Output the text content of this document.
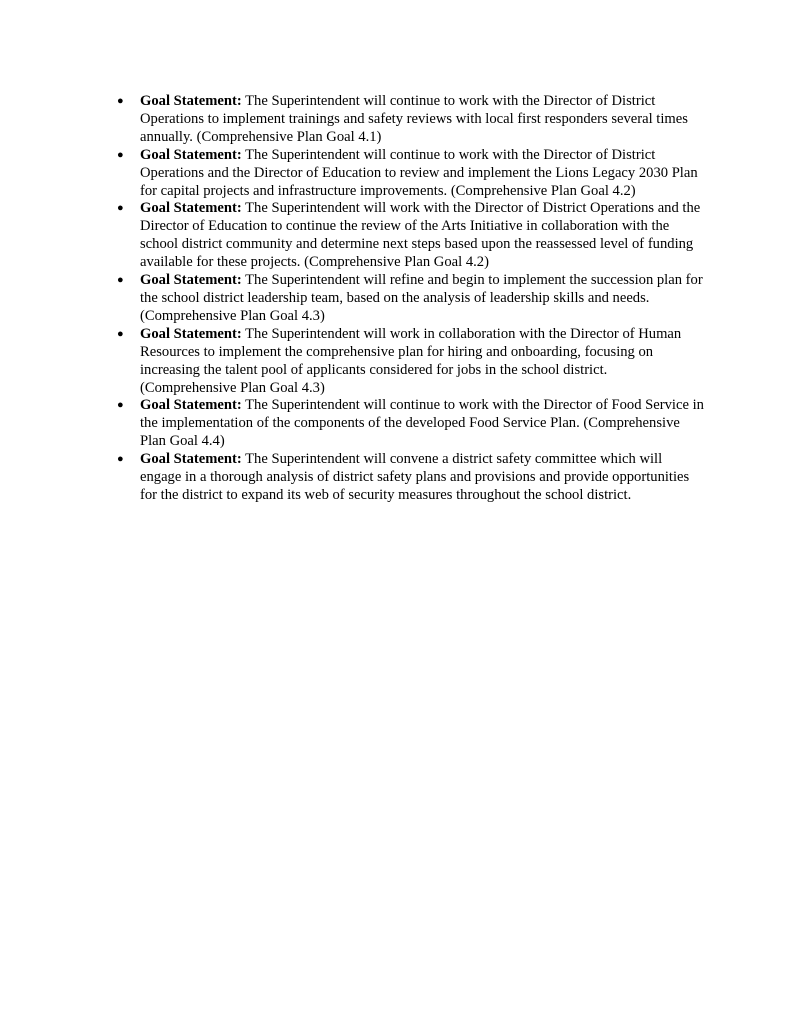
● Goal Statement: The Superintendent will continue to work with the Director of District Operations to implement trainings and safety reviews with local first responders several times annually. (Comprehensive Plan Goal 4.1)
● Goal Statement: The Superintendent will continue to work with the Director of District Operations and the Director of Education to review and implement the Lions Legacy 2030 Plan for capital projects and infrastructure improvements. (Comprehensive Plan Goal 4.2)
● Goal Statement: The Superintendent will work with the Director of District Operations and the Director of Education to continue the review of the Arts Initiative in collaboration with the school district community and determine next steps based upon the reassessed level of funding available for these projects. (Comprehensive Plan Goal 4.2)
● Goal Statement: The Superintendent will refine and begin to implement the succession plan for the school district leadership team, based on the analysis of leadership skills and needs. (Comprehensive Plan Goal 4.3)
● Goal Statement: The Superintendent will work in collaboration with the Director of Human Resources to implement the comprehensive plan for hiring and onboarding, focusing on increasing the talent pool of applicants considered for jobs in the school district. (Comprehensive Plan Goal 4.3)
● Goal Statement: The Superintendent will continue to work with the Director of Food Service in the implementation of the components of the developed Food Service Plan. (Comprehensive Plan Goal 4.4)
● Goal Statement: The Superintendent will convene a district safety committee which will engage in a thorough analysis of district safety plans and provisions and provide opportunities for the district to expand its web of security measures throughout the school district.
